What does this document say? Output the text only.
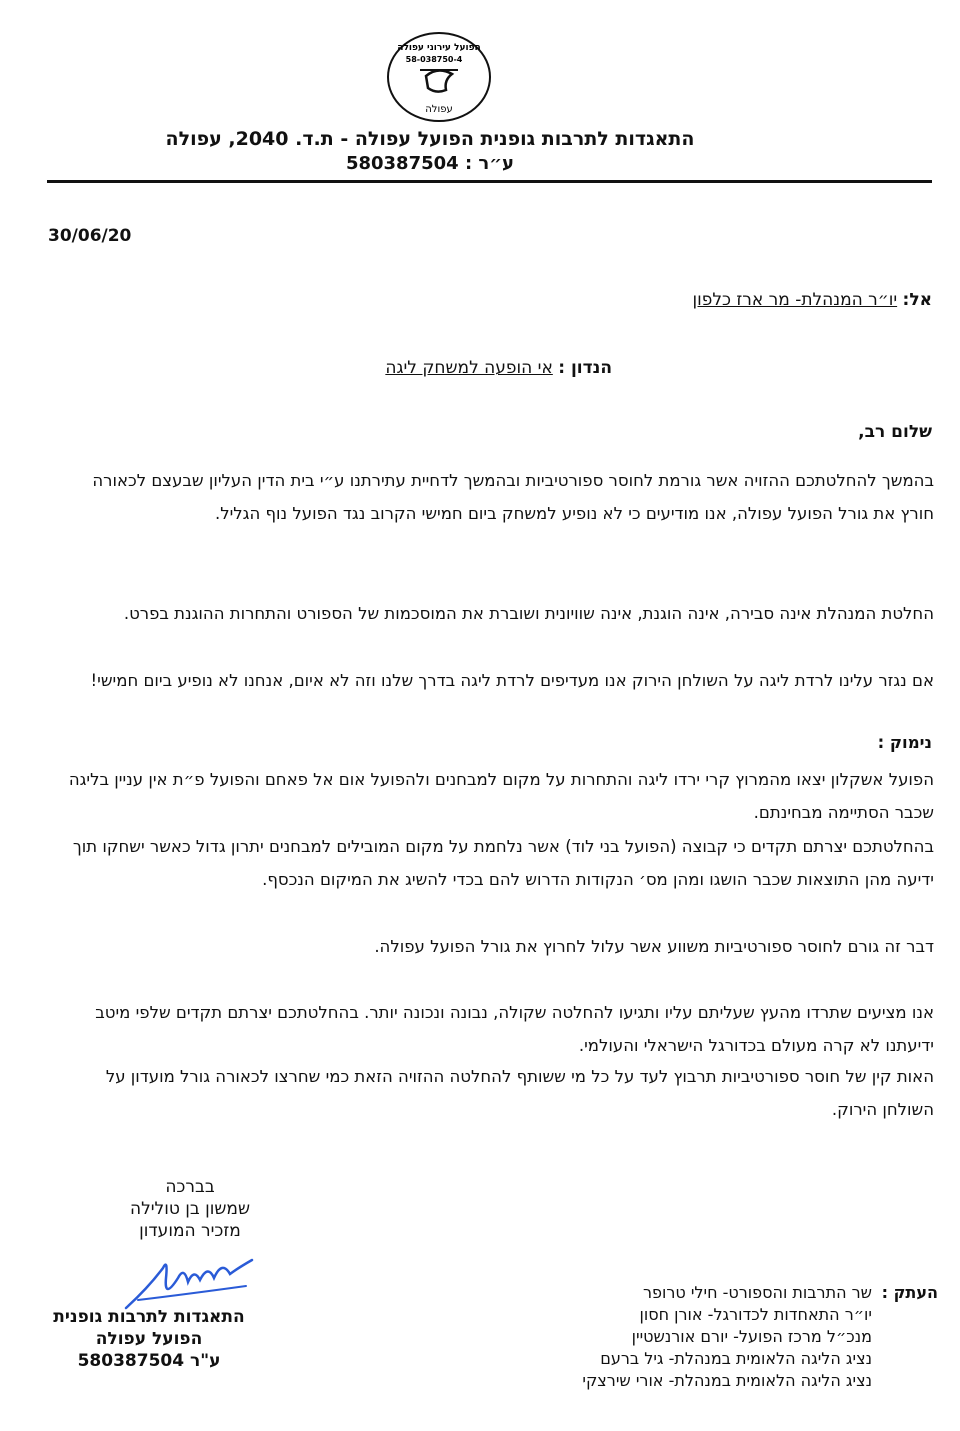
הפועל עירוני עפולה
58-038750-4
עפולה
התאגדות לתרבות גופנית הפועל עפולה - ת.ד. 2040, עפולה
ע״ר : 580387504
30/06/20
אל: יו״ר המנהלת- מר ארז כלפון
הנדון : אי הופעה למשחק ליגה
שלום רב,
בהמשך להחלטתכם ההזויה אשר גורמת לחוסר ספורטיביות ובהמשך לדחיית עתירתנו ע״י בית הדין העליון שבעצם לכאורה חורץ את גורל הפועל עפולה, אנו מודיעים כי לא נופיע למשחק ביום חמישי הקרוב נגד הפועל נוף הגליל.
החלטת המנהלת אינה סבירה, אינה הוגנת, אינה שוויונית ושוברת את המוסכמות של הספורט והתחרות ההוגנת בפרט.
אם נגזר עלינו לרדת ליגה על השולחן הירוק אנו מעדיפים לרדת ליגה בדרך שלנו וזה לא איום, אנחנו לא נופיע ביום חמישי!
נימוק :
הפועל אשקלון יצאו מהמרוץ קרי ירדו ליגה והתחרות על מקום למבחנים ולהפועל אום אל פאחם והפועל פ״ת אין עניין בליגה שכבר הסתיימה מבחינתם.
בהחלטתכם יצרתם תקדים כי קבוצה (הפועל בני לוד) אשר נלחמת על מקום המובילים למבחנים יתרון גדול כאשר ישחקו תוך ידיעה מהן התוצאות שכבר הושגו ומהן מס׳ הנקודות הדרוש להם בכדי להשיג את המיקום הנכסף.
דבר זה גורם לחוסר ספורטיביות משווע אשר עלול לחרוץ את גורל הפועל עפולה.
אנו מציעים שתרדו מהעץ שעליתם עליו ותגיעו להחלטה שקולה, נבונה ונכונה יותר. בהחלטתכם יצרתם תקדים שלפי מיטב ידיעתנו לא קרה מעולם בכדורגל הישראלי והעולמי.
האות קין של חוסר ספורטיביות תרבוץ לעד על כל מי ששותף להחלטה ההזויה הזאת כמי שחרצו לכאורה גורל מועדון על השולחן הירוק.
בברכה
שמשון בן טולילה
מזכיר המועדון
התאגדות לתרבות גופנית
הפועל עפולה
ע"ר 580387504
העתק :
שר התרבות והספורט- חילי טרופר
יו״ר התאחדות לכדורגל- אורן חסון
מנכ״ל מרכז הפועל- יורם אורנשטיין
נציג הליגה הלאומית במנהלת- גיל ברעם
נציג הליגה הלאומית במנהלת- אורי שירצקי
